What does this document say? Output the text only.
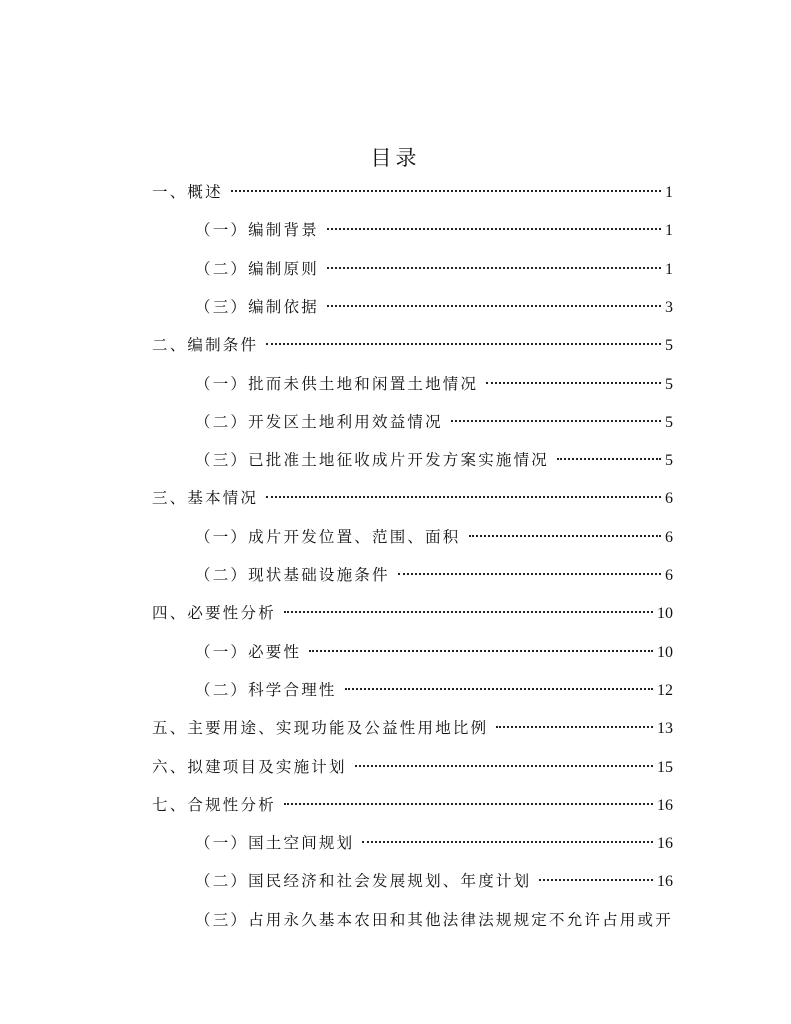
目录
一、概述	1
（一）编制背景	1
（二）编制原则	1
（三）编制依据	3
二、编制条件	5
（一）批而未供土地和闲置土地情况	5
（二）开发区土地利用效益情况	5
（三）已批准土地征收成片开发方案实施情况	5
三、基本情况	6
（一）成片开发位置、范围、面积	6
（二）现状基础设施条件	6
四、必要性分析	10
（一）必要性	10
（二）科学合理性	12
五、主要用途、实现功能及公益性用地比例	13
六、拟建项目及实施计划	15
七、合规性分析	16
（一）国土空间规划	16
（二）国民经济和社会发展规划、年度计划	16
（三）占用永久基本农田和其他法律法规规定不允许占用或开
